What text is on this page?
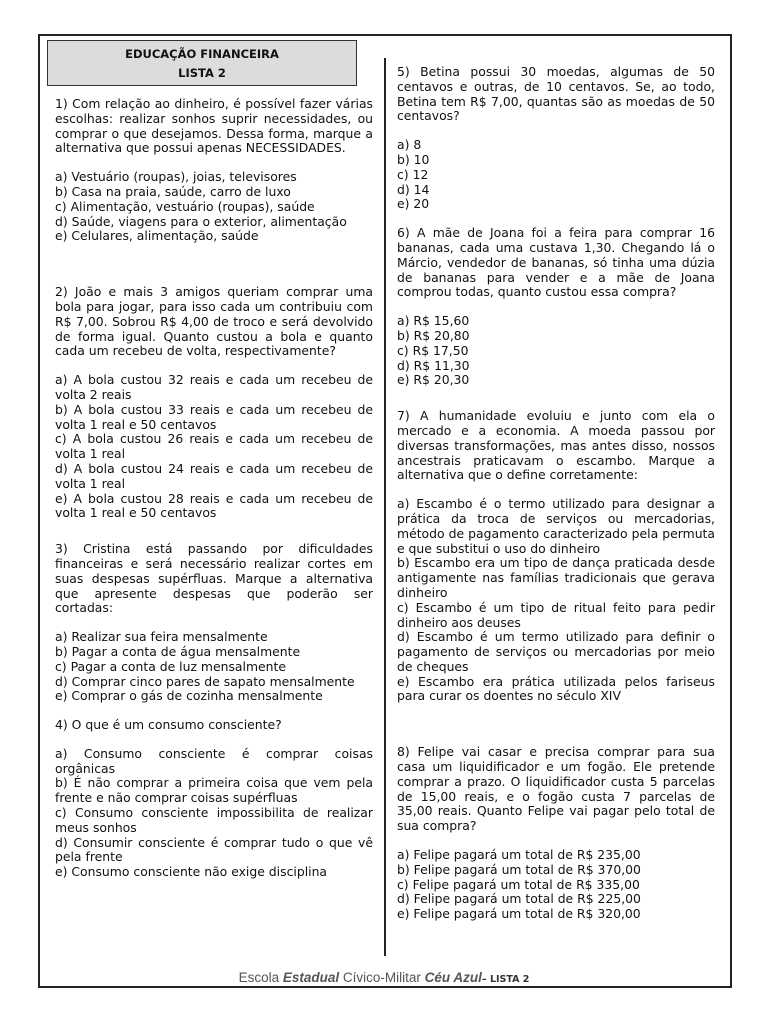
EDUCAÇÃO FINANCEIRA
LISTA 2

1) Com relação ao dinheiro, é possível fazer várias escolhas: realizar sonhos suprir necessidades, ou comprar o que desejamos. Dessa forma, marque a alternativa que possui apenas NECESSIDADES.

a) Vestuário (roupas), joias, televisores
b) Casa na praia, saúde, carro de luxo
c) Alimentação, vestuário (roupas), saúde
d) Saúde, viagens para o exterior, alimentação
e) Celulares, alimentação, saúde

2) João e mais 3 amigos queriam comprar uma bola para jogar, para isso cada um contribuiu com R$ 7,00. Sobrou R$ 4,00 de troco e será devolvido de forma igual. Quanto custou a bola e quanto cada um recebeu de volta, respectivamente?

a) A bola custou 32 reais e cada um recebeu de volta 2 reais
b) A bola custou 33 reais e cada um recebeu de volta 1 real e 50 centavos
c) A bola custou 26 reais e cada um recebeu de volta 1 real
d) A bola custou 24 reais e cada um recebeu de volta 1 real
e) A bola custou 28 reais e cada um recebeu de volta 1 real e 50 centavos

3) Cristina está passando por dificuldades financeiras e será necessário realizar cortes em suas despesas supérfluas. Marque a alternativa que apresente despesas que poderão ser cortadas:

a) Realizar sua feira mensalmente
b) Pagar a conta de água mensalmente
c) Pagar a conta de luz mensalmente
d) Comprar cinco pares de sapato mensalmente
e) Comprar o gás de cozinha mensalmente

4) O que é um consumo consciente?

a) Consumo consciente é comprar coisas orgânicas
b) É não comprar a primeira coisa que vem pela frente e não comprar coisas supérfluas
c) Consumo consciente impossibilita de realizar meus sonhos
d) Consumir consciente é comprar tudo o que vê pela frente
e) Consumo consciente não exige disciplina

5) Betina possui 30 moedas, algumas de 50 centavos e outras, de 10 centavos. Se, ao todo, Betina tem R$ 7,00, quantas são as moedas de 50 centavos?

a) 8
b) 10
c) 12
d) 14
e) 20

6) A mãe de Joana foi a feira para comprar 16 bananas, cada uma custava 1,30. Chegando lá o Márcio, vendedor de bananas, só tinha uma dúzia de bananas para vender e a mãe de Joana comprou todas, quanto custou essa compra?

a) R$ 15,60
b) R$ 20,80
c) R$ 17,50
d) R$ 11,30
e) R$ 20,30

7) A humanidade evoluiu e junto com ela o mercado e a economia. A moeda passou por diversas transformações, mas antes disso, nossos ancestrais praticavam o escambo. Marque a alternativa que o define corretamente:

a) Escambo é o termo utilizado para designar a prática da troca de serviços ou mercadorias, método de pagamento caracterizado pela permuta e que substitui o uso do dinheiro
b) Escambo era um tipo de dança praticada desde antigamente nas famílias tradicionais que gerava dinheiro
c) Escambo é um tipo de ritual feito para pedir dinheiro aos deuses
d) Escambo é um termo utilizado para definir o pagamento de serviços ou mercadorias por meio de cheques
e) Escambo era prática utilizada pelos fariseus para curar os doentes no século XIV

8) Felipe vai casar e precisa comprar para sua casa um liquidificador e um fogão. Ele pretende comprar a prazo. O liquidificador custa 5 parcelas de 15,00 reais, e o fogão custa 7 parcelas de 35,00 reais. Quanto Felipe vai pagar pelo total de sua compra?

a) Felipe pagará um total de R$ 235,00
b) Felipe pagará um total de R$ 370,00
c) Felipe pagará um total de R$ 335,00
d) Felipe pagará um total de R$ 225,00
e) Felipe pagará um total de R$ 320,00
Escola Estadual Cívico-Militar Céu Azul– LISTA 2
